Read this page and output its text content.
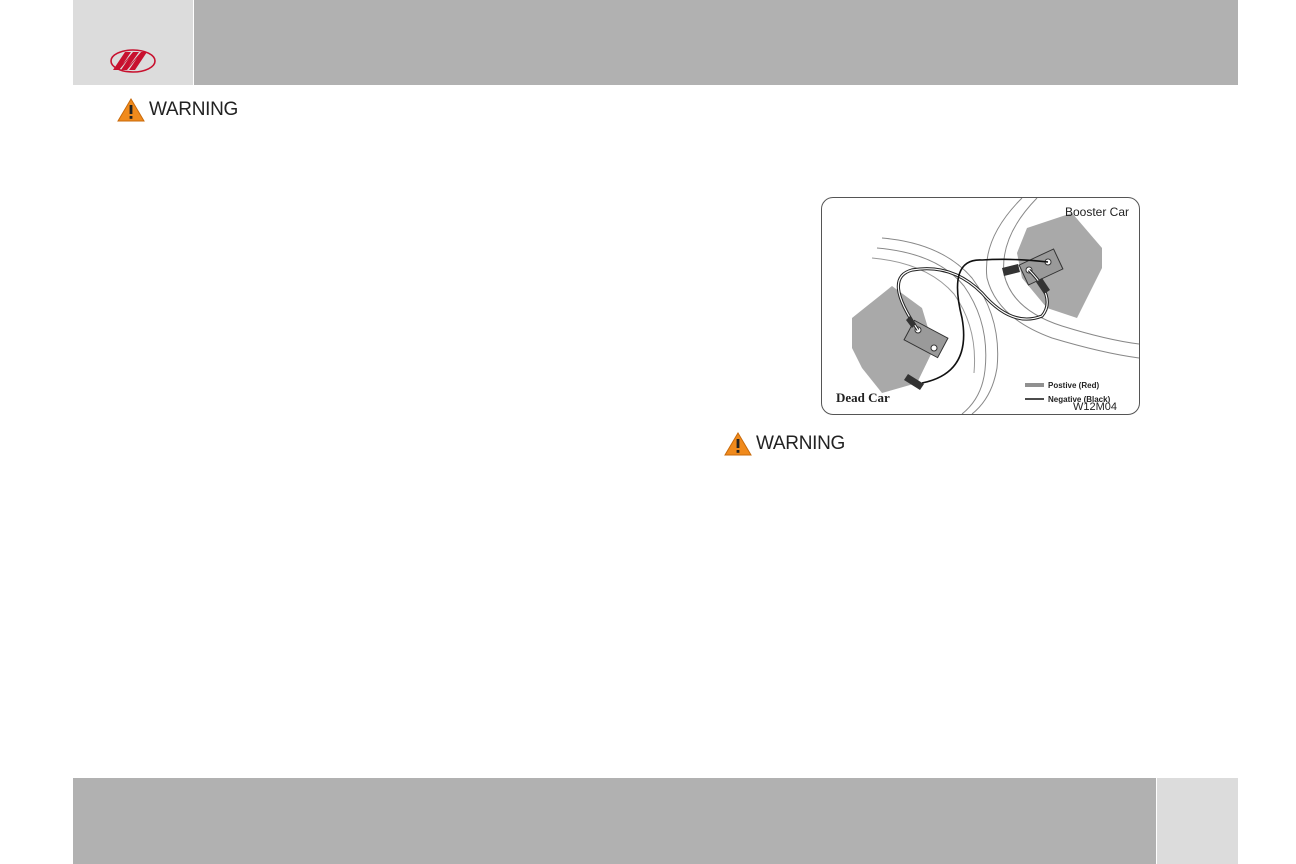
WARNING
Booster Car
Dead Car
Postive (Red)
Negative (Black)
W12M04
WARNING
